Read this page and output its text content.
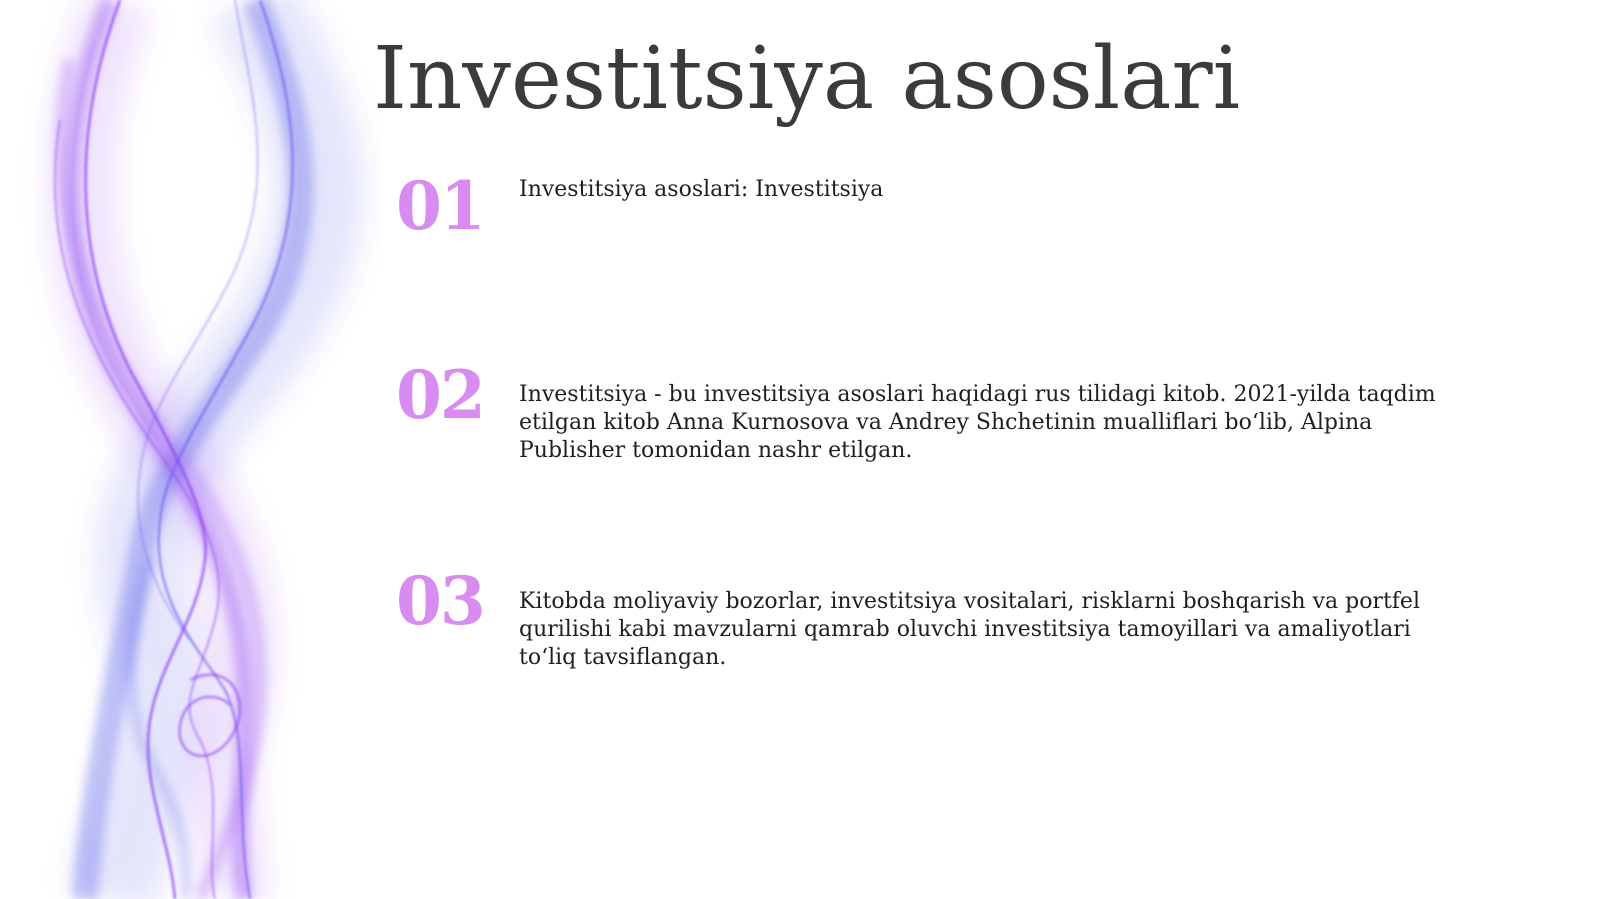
Investitsiya asoslari
01	Investitsiya asoslari: Investitsiya

02	Investitsiya - bu investitsiya asoslari haqidagi rus tilidagi kitob. 2021-yilda taqdim etilgan kitob Anna Kurnosova va Andrey Shchetinin mualliflari bo‘lib, Alpina Publisher tomonidan nashr etilgan.

03	Kitobda moliyaviy bozorlar, investitsiya vositalari, risklarni boshqarish va portfel qurilishi kabi mavzularni qamrab oluvchi investitsiya tamoyillari va amaliyotlari to‘liq tavsiflangan.
